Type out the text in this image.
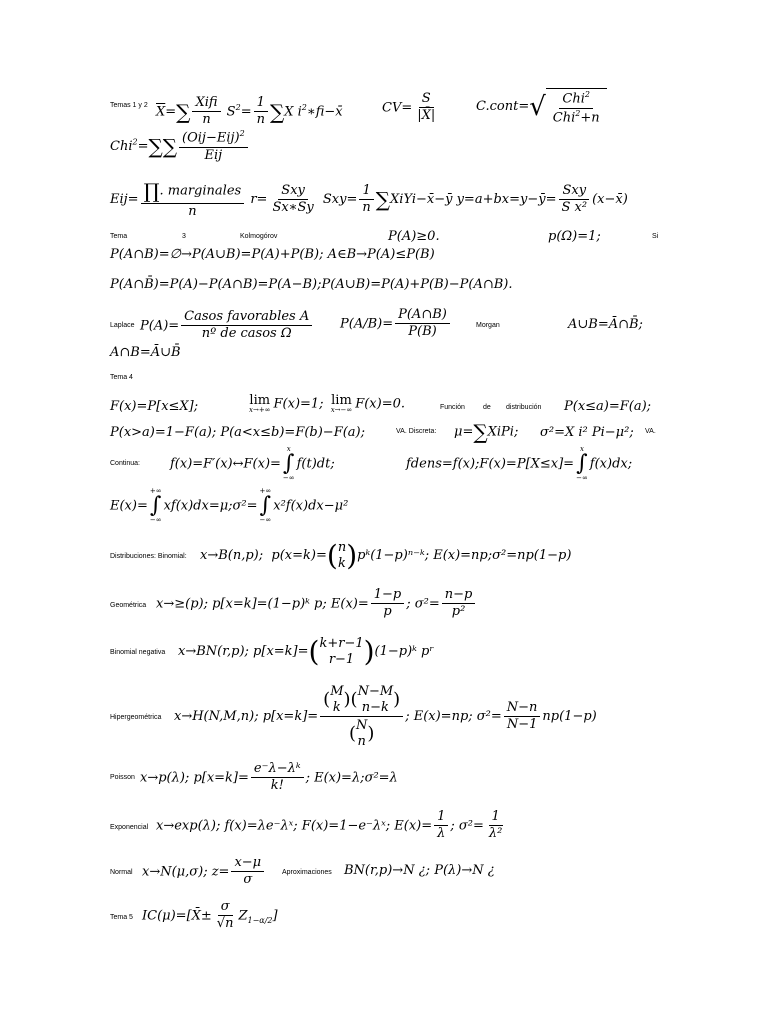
Temas 1 y 2 $\overline{X}=\sum \frac{\text{Xifi}}{n} S^2= \frac{1}{n} \sum X$ $i^2∗fi-x̄$	$CV= \frac{S}{|X̄|}$	C.cont= √ $\frac{Chi^2}{Chi^2+n}$
$Chi^2=\sum\sum \frac{(Oij-Eij)^2}{\text{Eij}}$
$Eij= \frac{\text{∏. marginales}}{n} r= \frac{\text{Sxy}}{Sx∗Sy} Sxy= \frac{1}{n}$ ∑XiYi−x̄−ȳ y=a+bx=y−ȳ= $\frac{\text{Sxy}}{\text{S x²}}$ (x−x̄)
Tema	3	Kolmogórov	P(A)≥0.	p(Ω)=1;	Si
P(A∩B)=∅→P(A∪B)=P(A)+P(B); A∈B→P(A)≤P(B)
P(A∩B̄)=P(A)−P(A∩B)=P(A−B);P(A∪B)=P(A)+P(B)−P(A∩B).
Laplace $P(A)= \frac{\text{Casos favorables A}}{\text{nº de casos Ω}} P(A/B)= \frac{P(A\cap B)}{P(B)}$	Morgan	A∪B=Ā∩B̄;
A∩B=Ā∪B̄
Tema 4
F(x)=P[x≤X];	lim
x→+∞ F(x)=1; lim
x→−∞ F(x)=0.	Función	de distribución P(x≤a)=F(a);
P(x>a)=1−F(a); P(a<x≤b)=F(b)−F(a);	VA. Discreta: μ=∑XiPi; σ²=X i² Pi−μ²; VA.
Continua: f(x)=F′(x)↔F(x)=
x
∫
−∞
f(t)dt;	fdens=f(x);F(x)=P[X≤x]=
x
∫
−∞
f(x)dx;
E(x)=
+∞
∫
−∞
xf(x)dx=μ;σ²=
+∞
∫
−∞
x²f(x)dx−μ²
Distribuciones: Binomial: x→B(n,p); p(x=k)= ( n
k ) pᵏ(1−p)ⁿ⁻ᵏ; E(x)=np;σ²=np(1−p)
Geométrica x→≥(p); p[x=k]=(1−p)ᵏ p; $E(x)= \frac{1-p}{p}$ ; $\sigma^2= \frac{n-p}{\text{p²}}$
Binomial negativa x→BN(r,p); p[x=k]= ( k+r−1
r−1 ) (1−p)ᵏ pʳ
Hipergeométrica x→H(N,M,n); p[x=k]= ( M
k ) ( N−M
n−k )
( N
n ) ; E(x)=np; $\sigma^2= \frac{N-n}{N-1} np(1-p)$
Poisson x→p(λ); $p[x=k]= \frac{\text{e⁻λ−λᵏ}}{k!}$ ; E(x)=λ;σ²=λ
Exponencial x→exp(λ); f(x)=λe⁻λˣ; F(x)=1−e⁻λˣ; $E(x)= \frac{1}{\lambda}$ ; $\sigma^2= \frac{1}{\text{λ²}}$
Normal x→N(μ,σ); $z= \frac{x-\mu}{\sigma}$	Aproximaciones BN(r,p)→N ¿; P(λ)→N ¿
Tema 5 IC(μ)=[X̄± $\frac{\sigma}{√n} Z_{1-\alpha/2}$]
